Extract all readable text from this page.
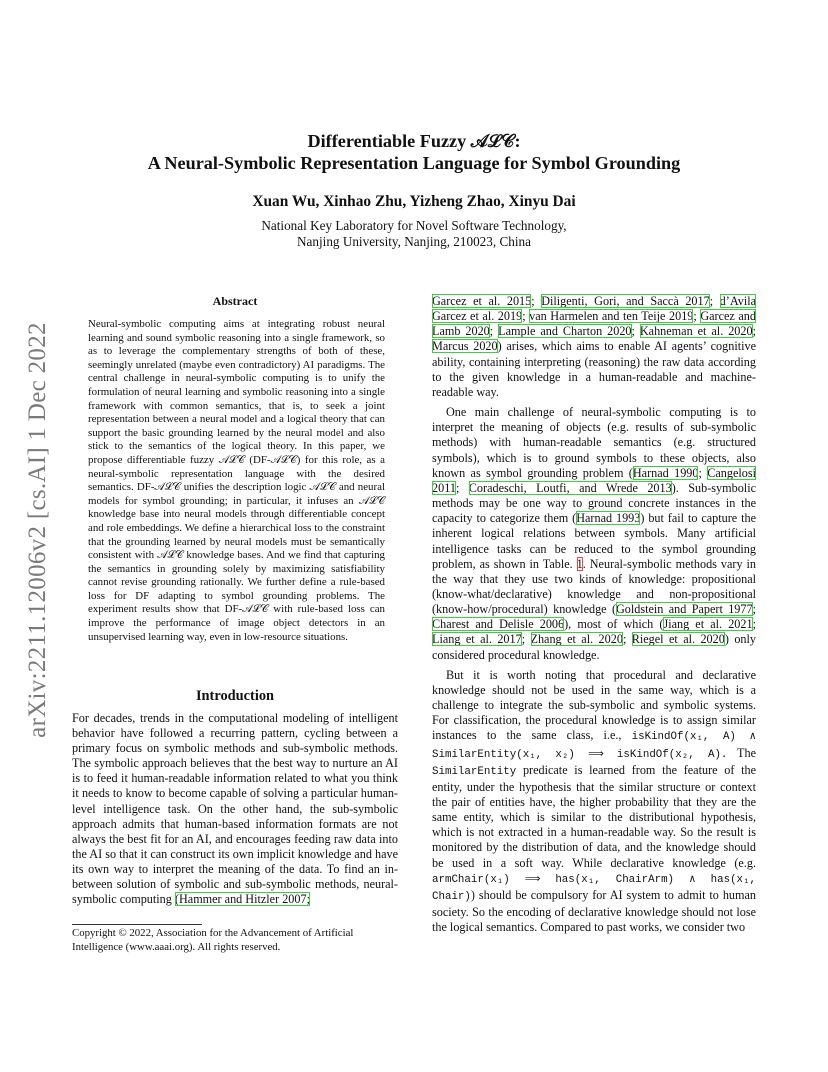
Differentiable Fuzzy 𝒜ℒ𝒞:
A Neural-Symbolic Representation Language for Symbol Grounding
Xuan Wu, Xinhao Zhu, Yizheng Zhao, Xinyu Dai
National Key Laboratory for Novel Software Technology,
Nanjing University, Nanjing, 210023, China
arXiv:2211.12006v2 [cs.AI] 1 Dec 2022
Abstract
Neural-symbolic computing aims at integrating robust neural learning and sound symbolic reasoning into a single framework, so as to leverage the complementary strengths of both of these, seemingly unrelated (maybe even contradictory) AI paradigms. The central challenge in neural-symbolic computing is to unify the formulation of neural learning and symbolic reasoning into a single framework with common semantics, that is, to seek a joint representation between a neural model and a logical theory that can support the basic grounding learned by the neural model and also stick to the semantics of the logical theory. In this paper, we propose differentiable fuzzy 𝒜ℒ𝒞 (DF-𝒜ℒ𝒞) for this role, as a neural-symbolic representation language with the desired semantics. DF-𝒜ℒ𝒞 unifies the description logic 𝒜ℒ𝒞 and neural models for symbol grounding; in particular, it infuses an 𝒜ℒ𝒞 knowledge base into neural models through differentiable concept and role embeddings. We define a hierarchical loss to the constraint that the grounding learned by neural models must be semantically consistent with 𝒜ℒ𝒞 knowledge bases. And we find that capturing the semantics in grounding solely by maximizing satisfiability cannot revise grounding rationally. We further define a rule-based loss for DF adapting to symbol grounding problems. The experiment results show that DF-𝒜ℒ𝒞 with rule-based loss can improve the performance of image object detectors in an unsupervised learning way, even in low-resource situations.
Introduction
For decades, trends in the computational modeling of intelligent behavior have followed a recurring pattern, cycling between a primary focus on symbolic methods and sub-symbolic methods. The symbolic approach believes that the best way to nurture an AI is to feed it human-readable information related to what you think it needs to know to become capable of solving a particular human-level intelligence task. On the other hand, the sub-symbolic approach admits that human-based information formats are not always the best fit for an AI, and encourages feeding raw data into the AI so that it can construct its own implicit knowledge and have its own way to interpret the meaning of the data. To find an in-between solution of symbolic and sub-symbolic methods, neural-symbolic computing (Hammer and Hitzler 2007;
Copyright © 2022, Association for the Advancement of Artificial Intelligence (www.aaai.org). All rights reserved.

Garcez et al. 2015; Diligenti, Gori, and Saccà 2017; d’Avila Garcez et al. 2019; van Harmelen and ten Teije 2019; Garcez and Lamb 2020; Lample and Charton 2020; Kahneman et al. 2020; Marcus 2020) arises, which aims to enable AI agents’ cognitive ability, containing interpreting (reasoning) the raw data according to the given knowledge in a human-readable and machine-readable way.

One main challenge of neural-symbolic computing is to interpret the meaning of objects (e.g. results of sub-symbolic methods) with human-readable semantics (e.g. structured symbols), which is to ground symbols to these objects, also known as symbol grounding problem (Harnad 1990; Cangelosi 2011; Coradeschi, Loutfi, and Wrede 2013). Sub-symbolic methods may be one way to ground concrete instances in the capacity to categorize them (Harnad 1993) but fail to capture the inherent logical relations between symbols. Many artificial intelligence tasks can be reduced to the symbol grounding problem, as shown in Table. 1. Neural-symbolic methods vary in the way that they use two kinds of knowledge: propositional (know-what/declarative) knowledge and non-propositional (know-how/procedural) knowledge (Goldstein and Papert 1977; Charest and Delisle 2006), most of which (Jiang et al. 2021; Liang et al. 2017; Zhang et al. 2020; Riegel et al. 2020) only considered procedural knowledge.

But it is worth noting that procedural and declarative knowledge should not be used in the same way, which is a challenge to integrate the sub-symbolic and symbolic systems. For classification, the procedural knowledge is to assign similar instances to the same class, i.e., isKindOf(x₁, A) ∧ SimilarEntity(x₁, x₂) ⟹ isKindOf(x₂, A). The SimilarEntity predicate is learned from the feature of the entity, under the hypothesis that the similar structure or context the pair of entities have, the higher probability that they are the same entity, which is similar to the distributional hypothesis, which is not extracted in a human-readable way. So the result is monitored by the distribution of data, and the knowledge should be used in a soft way. While declarative knowledge (e.g. armChair(x₁) ⟹ has(x₁, ChairArm) ∧ has(x₁, Chair)) should be compulsory for AI system to admit to human society. So the encoding of declarative knowledge should not lose the logical semantics. Compared to past works, we consider two
